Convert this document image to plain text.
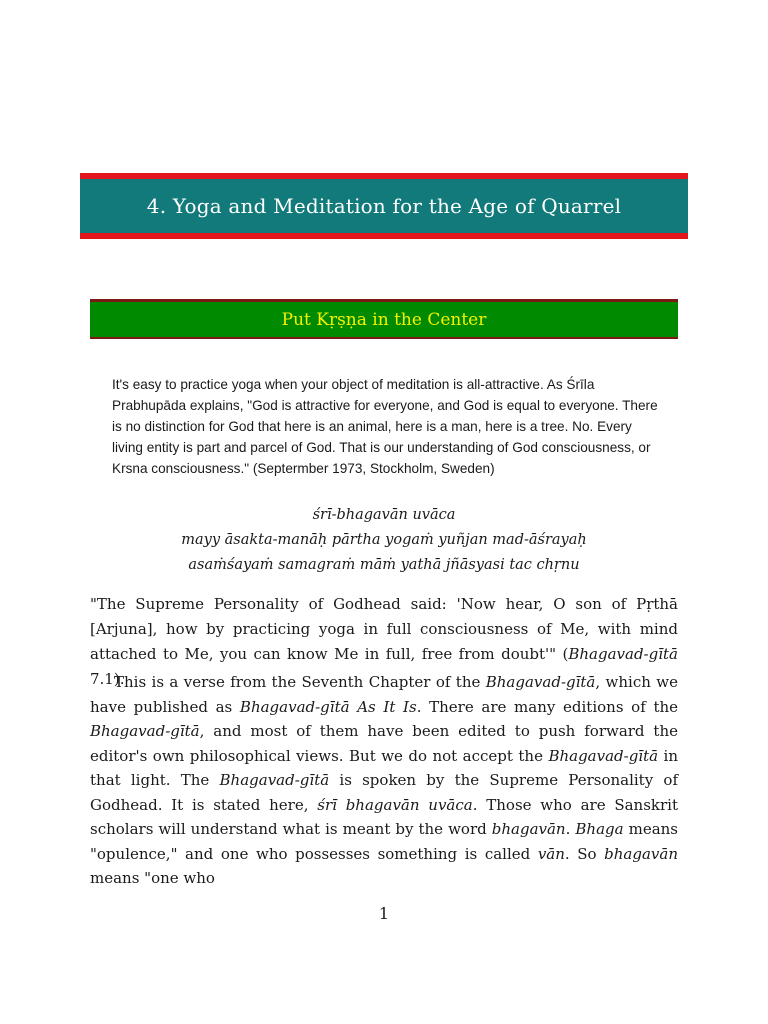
4. Yoga and Meditation for the Age of Quarrel
Put Kṛṣṇa in the Center

It's easy to practice yoga when your object of meditation is all-attractive. As Śrīla Prabhupāda explains, "God is attractive for everyone, and God is equal to everyone. There is no distinction for God that here is an animal, here is a man, here is a tree. No. Every living entity is part and parcel of God. That is our understanding of God consciousness, or Krsna consciousness." (Septermber 1973, Stockholm, Sweden)

śrī-bhagavān uvāca
mayy āsakta-manāḥ pārtha yogaṁ yuñjan mad-āśrayaḥ
asaṁśayaṁ samagraṁ māṁ yathā jñāsyasi tac chṛnu

"The Supreme Personality of Godhead said: 'Now hear, O son of Pṛthā [Arjuna], how by practicing yoga in full consciousness of Me, with mind attached to Me, you can know Me in full, free from doubt'" (Bhagavad-gītā 7.1).

This is a verse from the Seventh Chapter of the Bhagavad-gītā, which we have published as Bhagavad-gītā As It Is. There are many editions of the Bhagavad-gītā, and most of them have been edited to push forward the editor's own philosophical views. But we do not accept the Bhagavad-gītā in that light. The Bhagavad-gītā is spoken by the Supreme Personality of Godhead. It is stated here, śrī bhagavān uvāca. Those who are Sanskrit scholars will understand what is meant by the word bhagavān. Bhaga means "opulence," and one who possesses something is called vān. So bhagavān means "one who

1
